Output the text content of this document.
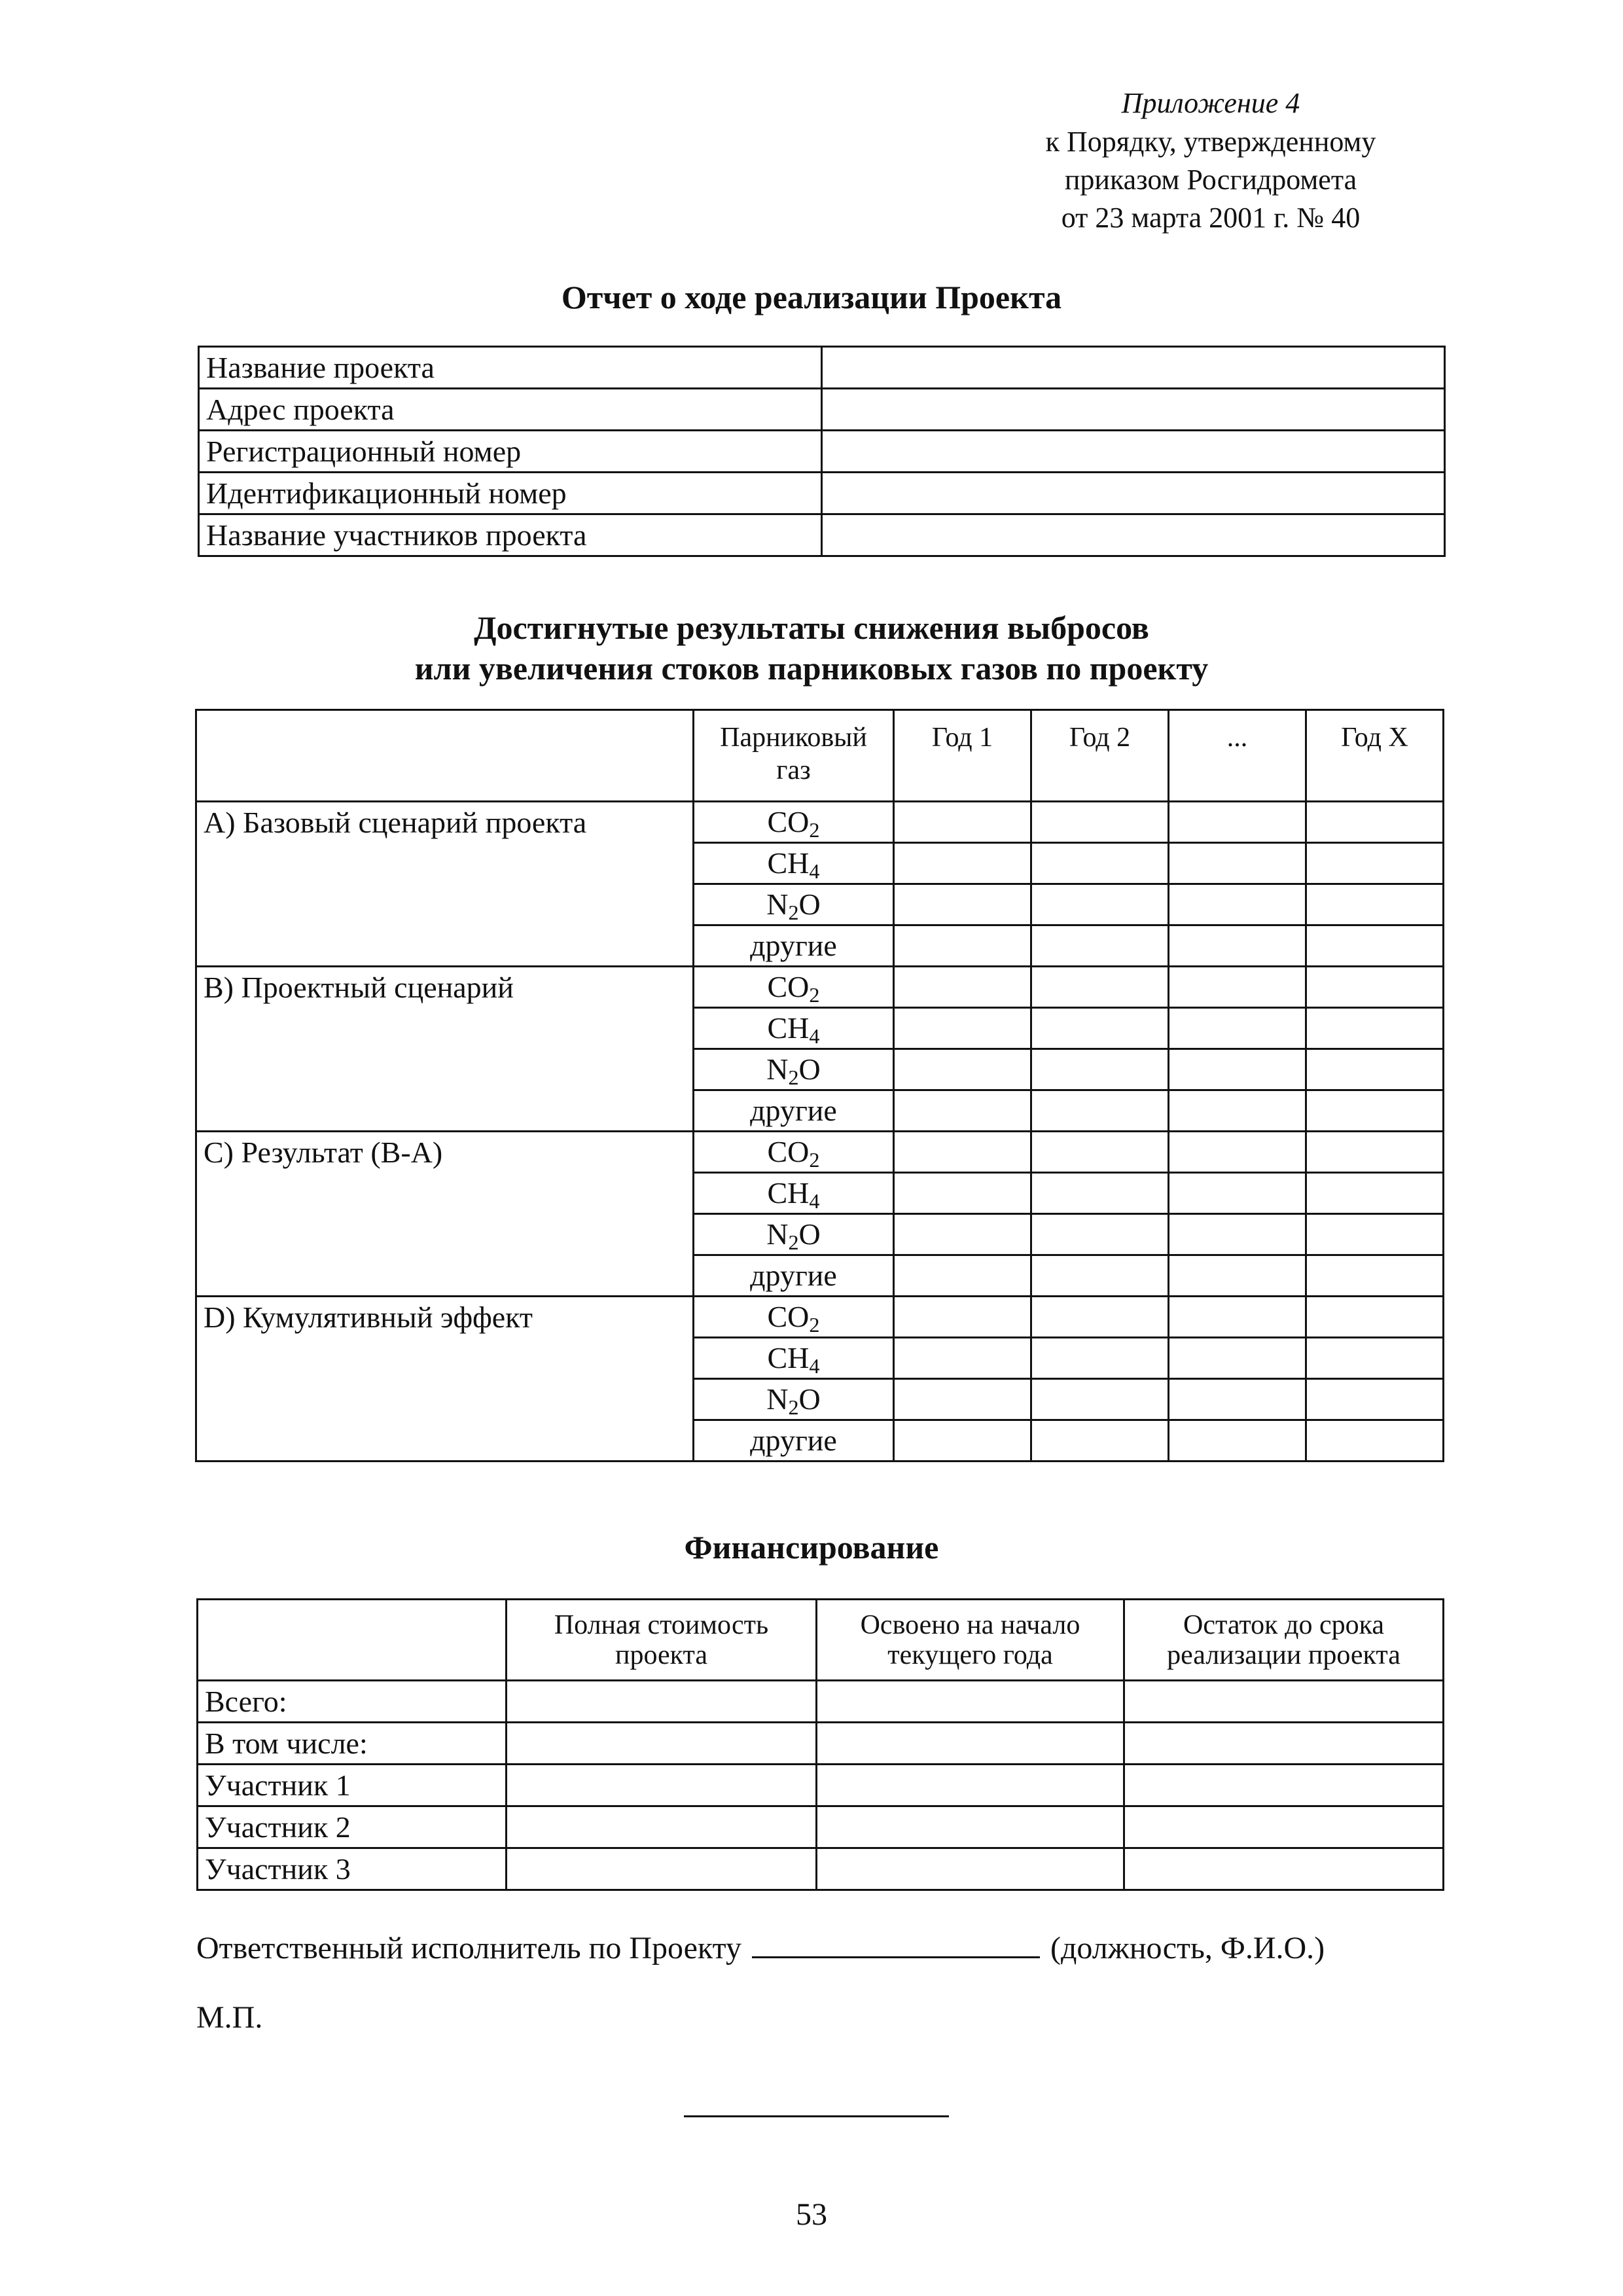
Приложение 4
к Порядку, утвержденному
приказом Росгидромета
от 23 марта 2001 г. № 40
Отчет о ходе реализации Проекта
Название проекта	
Адрес проекта	
Регистрационный номер	
Идентификационный номер	
Название участников проекта	
Достигнутые результаты снижения выбросов
или увеличения стоков парниковых газов по проекту
	Парниковый газ	Год 1	Год 2	...	Год Х
А) Базовый сценарий проекта	$CO_2$				
	$CH_4$				
	$N_2O$				
	другие				
В) Проектный сценарий	$CO_2$				
	$CH_4$				
	$N_2O$				
	другие				
С) Результат (В-А)	$CO_2$				
	$CH_4$				
	$N_2O$				
	другие				
D) Кумулятивный эффект	$CO_2$				
	$CH_4$				
	$N_2O$				
	другие				
Финансирование
	Полная стоимость проекта	Освоено на начало текущего года	Остаток до срока реализации проекта
Всего:			
В том числе:			
Участник 1			
Участник 2			
Участник 3			
Ответственный исполнитель по Проекту	(должность, Ф.И.О.)
М.П.
53
